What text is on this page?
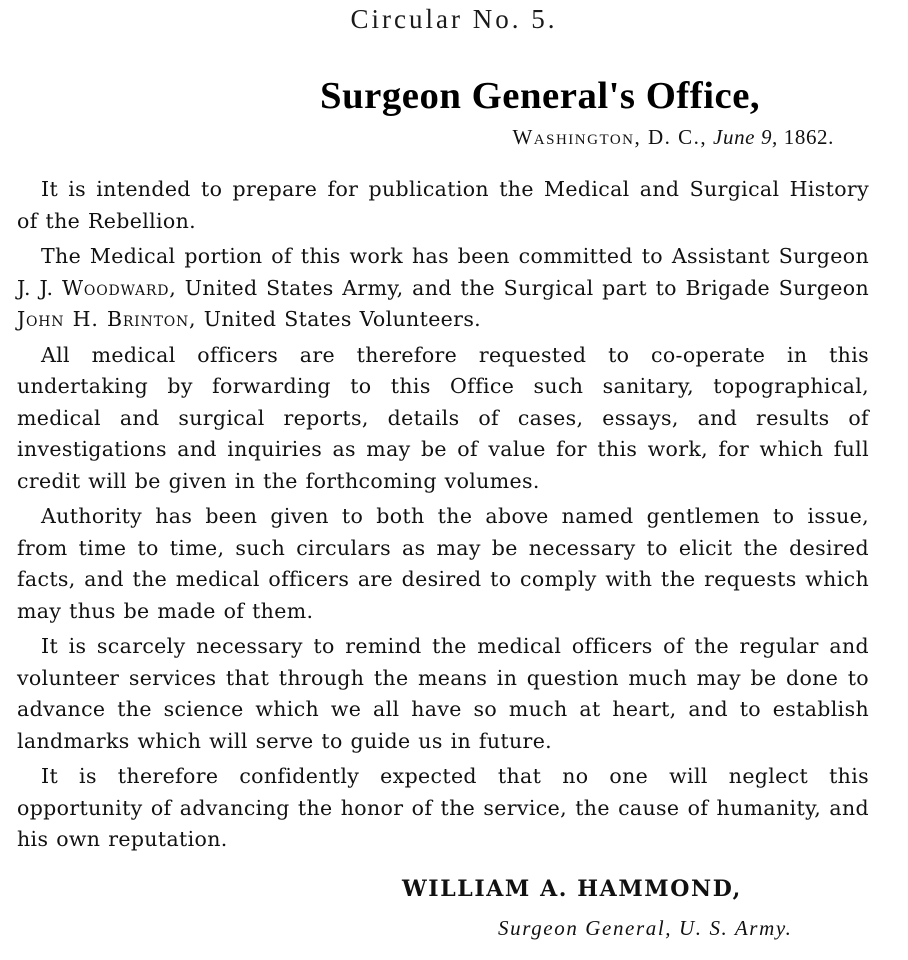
Circular No. 5.
Surgeon General's Office,
Washington, D. C., June 9, 1862.

It is intended to prepare for publication the Medical and Surgical History of the Rebellion.

The Medical portion of this work has been committed to Assistant Surgeon J. J. Woodward, United States Army, and the Surgical part to Brigade Surgeon John H. Brinton, United States Volunteers.

All medical officers are therefore requested to co-operate in this undertaking by forwarding to this Office such sanitary, topographical, medical and surgical reports, details of cases, essays, and results of investigations and inquiries as may be of value for this work, for which full credit will be given in the forthcoming volumes.

Authority has been given to both the above named gentlemen to issue, from time to time, such circulars as may be necessary to elicit the desired facts, and the medical officers are desired to comply with the requests which may thus be made of them.

It is scarcely necessary to remind the medical officers of the regular and volunteer services that through the means in question much may be done to advance the science which we all have so much at heart, and to establish landmarks which will serve to guide us in future.

It is therefore confidently expected that no one will neglect this opportunity of advancing the honor of the service, the cause of humanity, and his own reputation.

WILLIAM A. HAMMOND,
Surgeon General, U. S. Army.
